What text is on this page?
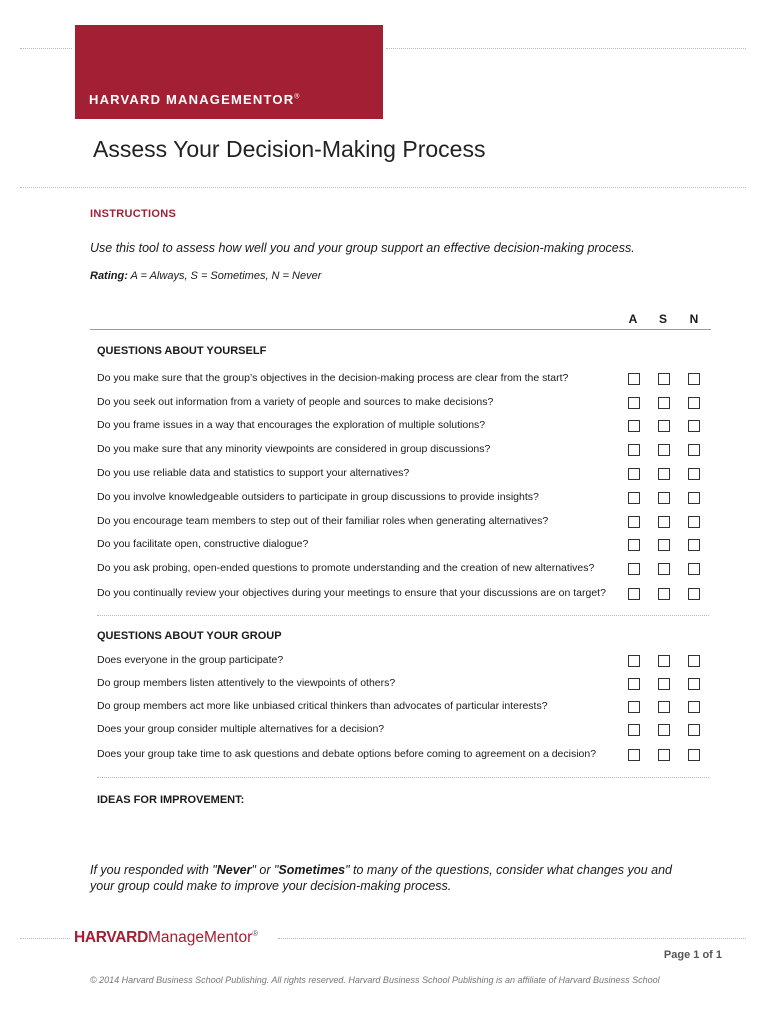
HARVARD MANAGEMENTOR®
Assess Your Decision-Making Process
INSTRUCTIONS
Use this tool to assess how well you and your group support an effective decision-making process.
Rating: A = Always, S = Sometimes, N = Never
A	S	N
QUESTIONS ABOUT YOURSELF
Do you make sure that the group’s objectives in the decision-making process are clear from the start?
Do you seek out information from a variety of people and sources to make decisions?
Do you frame issues in a way that encourages the exploration of multiple solutions?
Do you make sure that any minority viewpoints are considered in group discussions?
Do you use reliable data and statistics to support your alternatives?
Do you involve knowledgeable outsiders to participate in group discussions to provide insights?
Do you encourage team members to step out of their familiar roles when generating alternatives?
Do you facilitate open, constructive dialogue?
Do you ask probing, open-ended questions to promote understanding and the creation of new alternatives?
Do you continually review your objectives during your meetings to ensure that your discussions are on target?
QUESTIONS ABOUT YOUR GROUP
Does everyone in the group participate?
Do group members listen attentively to the viewpoints of others?
Do group members act more like unbiased critical thinkers than advocates of particular interests?
Does your group consider multiple alternatives for a decision?
Does your group take time to ask questions and debate options before coming to agreement on a decision?
IDEAS FOR IMPROVEMENT:
If you responded with "Never" or "Sometimes" to many of the questions, consider what changes you and your group could make to improve your decision-making process.
HARVARDManageMentor®
Page 1 of 1
© 2014 Harvard Business School Publishing. All rights reserved. Harvard Business School Publishing is an affiliate of Harvard Business School
